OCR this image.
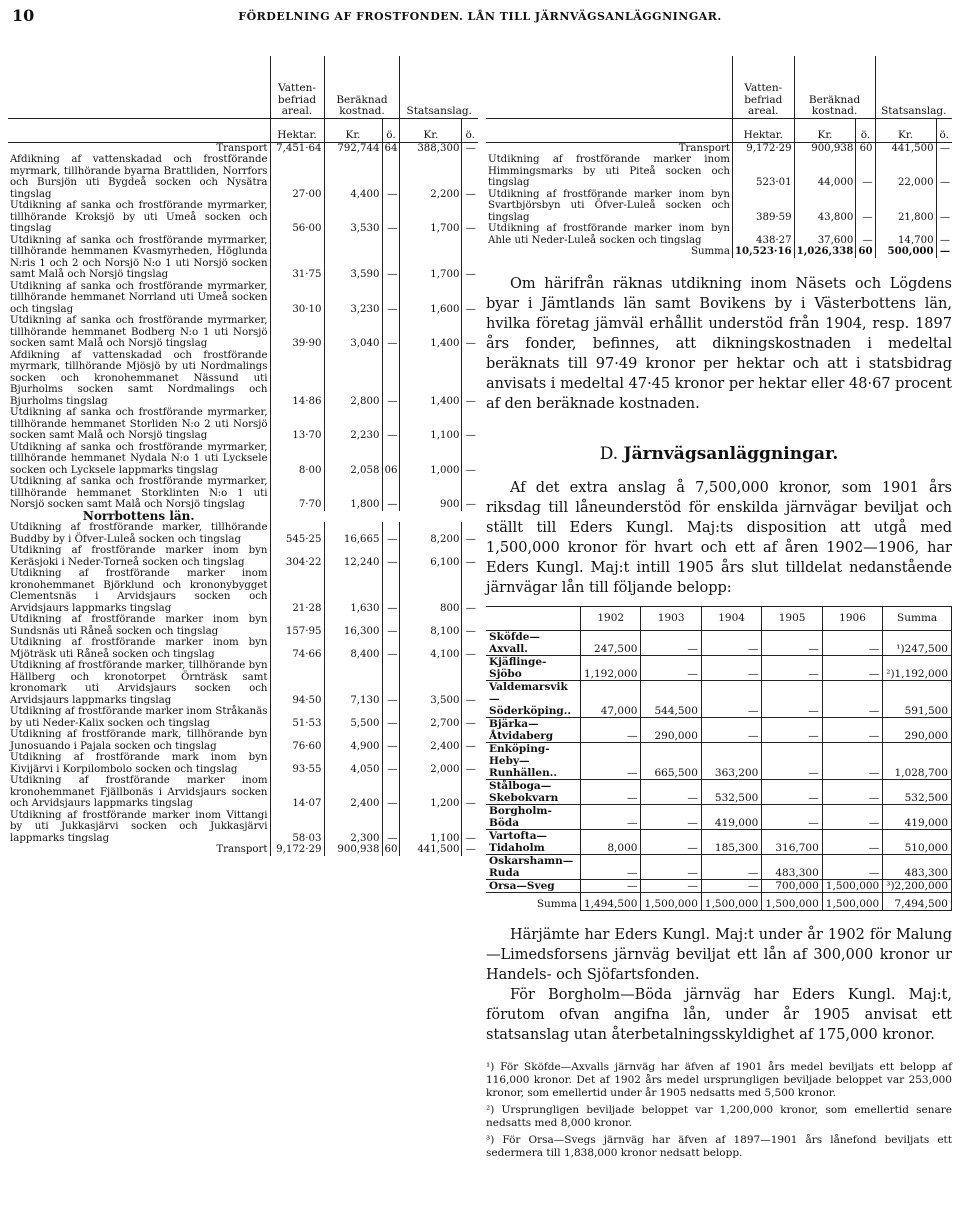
10	FÖRDELNING AF FROSTFONDEN. LÅN TILL JÄRNVÄGSANLÄGGNINGAR.
	Vatten-befriad areal.	Beräknad kostnad.		Statsanslag.	
	Hektar.	Kr.	ö.	Kr.	ö.
Transport	7,451·64	792,744	64	388,300	—
Afdikning af vattenskadad och frostförande myrmark, tillhörande byarna Brattliden, Norrfors och Bursjön uti Bygdeå socken och Nysätra tingslag	27·00	4,400	—	2,200	—
Utdikning af sanka och frostförande myrmarker, tillhörande Kroksjö by uti Umeå socken och tingslag	56·00	3,530	—	1,700	—
Utdikning af sanka och frostförande myrmarker, tillhörande hemmanen Kvasmyrheden, Höglunda N:ris 1 och 2 och Norsjö N:o 1 uti Norsjö socken samt Malå och Norsjö tingslag	31·75	3,590	—	1,700	—
Utdikning af sanka och frostförande myrmarker, tillhörande hemmanet Norrland uti Umeå socken och tingslag	30·10	3,230	—	1,600	—
Utdikning af sanka och frostförande myrmarker, tillhörande hemmanet Bodberg N:o 1 uti Norsjö socken samt Malå och Norsjö tingslag	39·90	3,040	—	1,400	—
Afdikning af vattenskadad och frostförande myrmark, tillhörande Mjösjö by uti Nordmalings socken och kronohemmanet Nässund uti Bjurholms socken samt Nordmalings och Bjurholms tingslag	14·86	2,800	—	1,400	—
Utdikning af sanka och frostförande myrmarker, tillhörande hemmanet Storliden N:o 2 uti Norsjö socken samt Malå och Norsjö tingslag	13·70	2,230	—	1,100	—
Utdikning af sanka och frostförande myrmarker, tillhörande hemmanet Nydala N:o 1 uti Lycksele socken och Lycksele lappmarks tingslag	8·00	2,058	06	1,000	—
Utdikning af sanka och frostförande myrmarker, tillhörande hemmanet Storklinten N:o 1 uti Norsjö socken samt Malå och Norsjö tingslag	7·70	1,800	—	900	—
Norrbottens län.					
Utdikning af frostförande marker, tillhörande Buddby by i Öfver-Luleå socken och tingslag	545·25	16,665	—	8,200	—
Utdikning af frostförande marker inom byn Keräsjoki i Neder-Torneå socken och tingslag	304·22	12,240	—	6,100	—
Utdikning af frostförande marker inom kronohemmanet Björklund och krononybygget Clementsnäs i Arvidsjaurs socken och Arvidsjaurs lappmarks tingslag	21·28	1,630	—	800	—
Utdikning af frostförande marker inom byn Sundsnäs uti Råneå socken och tingslag	157·95	16,300	—	8,100	—
Utdikning af frostförande marker inom byn Mjöträsk uti Råneå socken och tingslag	74·66	8,400	—	4,100	—
Utdikning af frostförande marker, tillhörande byn Hällberg och kronotorpet Örnträsk samt kronomark uti Arvidsjaurs socken och Arvidsjaurs lappmarks tingslag	94·50	7,130	—	3,500	—
Utdikning af frostförande marker inom Stråkanäs by uti Neder-Kalix socken och tingslag	51·53	5,500	—	2,700	—
Utdikning af frostförande mark, tillhörande byn Junosuando i Pajala socken och tingslag	76·60	4,900	—	2,400	—
Utdikning af frostförande mark inom byn Kivijärvi i Korpilombolo socken och tingslag	93·55	4,050	—	2,000	—
Utdikning af frostförande marker inom kronohemmanet Fjällbonäs i Arvidsjaurs socken och Arvidsjaurs lappmarks tingslag	14·07	2,400	—	1,200	—
Utdikning af frostförande marker inom Vittangi by uti Jukkasjärvi socken och Jukkasjärvi lappmarks tingslag	58·03	2,300	—	1,100	—
Transport	9,172·29	900,938	60	441,500	—
	Vatten-befriad areal.	Beräknad kostnad.		Statsanslag.	
	Hektar.	Kr.	ö.	Kr.	ö.
Transport	9,172·29	900,938	60	441,500	—
Utdikning af frostförande marker inom Himmingsmarks by uti Piteå socken och tingslag	523·01	44,000	—	22,000	—
Utdikning af frostförande marker inom byn Svartbjörsbyn uti Öfver-Luleå socken och tingslag	389·59	43,800	—	21,800	—
Utdikning af frostförande marker inom byn Ahle uti Neder-Luleå socken och tingslag	438·27	37,600	—	14,700	—
Summa	10,523·16	1,026,338	60	500,000	—

Om härifrån räknas utdikning inom Näsets och Lögdens byar i Jämtlands län samt Bovikens by i Västerbottens län, hvilka företag jämväl erhållit understöd från 1904, resp. 1897 års fonder, befinnes, att dikningskostnaden i medeltal beräknats till 97·49 kronor per hektar och att i statsbidrag anvisats i medeltal 47·45 kronor per hektar eller 48·67 procent af den beräknade kostnaden.

D. Järnvägsanläggningar.

Af det extra anslag å 7,500,000 kronor, som 1901 års riksdag till låneunderstöd för enskilda järnvägar beviljat och ställt till Eders Kungl. Maj:ts disposition att utgå med 1,500,000 kronor för hvart och ett af åren 1902—1906, har Eders Kungl. Maj:t intill 1905 års slut tilldelat nedanstående järnvägar lån till följande belopp:

	1902	1903	1904	1905	1906	Summa
Sköfde—Axvall.	247,500	—	—	—	—	¹)247,500
Kjäflinge-Sjöbo	1,192,000	—	—	—	—	²)1,192,000
Valdemarsvik—Söderköping..	47,000	544,500	—	—	—	591,500
Bjärka—Åtvidaberg	—	290,000	—	—	—	290,000
Enköping-Heby—Runhällen..	—	665,500	363,200	—	—	1,028,700
Stålboga—Skebokvarn	—	—	532,500	—	—	532,500
Borgholm-Böda	—	—	419,000	—	—	419,000
Vartofta—Tidaholm	8,000	—	185,300	316,700	—	510,000
Oskarshamn—Ruda	—	—	—	483,300	—	483,300
Orsa—Sveg	—	—	—	700,000	1,500,000	³)2,200,000
Summa	1,494,500	1,500,000	1,500,000	1,500,000	1,500,000	7,494,500

Härjämte har Eders Kungl. Maj:t under år 1902 för Malung—Limedsforsens järnväg beviljat ett lån af 300,000 kronor ur Handels- och Sjöfartsfonden.

För Borgholm—Böda järnväg har Eders Kungl. Maj:t, förutom ofvan angifna lån, under år 1905 anvisat ett statsanslag utan återbetalningsskyldighet af 175,000 kronor.

¹) För Sköfde—Axvalls järnväg har äfven af 1901 års medel beviljats ett belopp af 116,000 kronor. Det af 1902 års medel ursprungligen beviljade beloppet var 253,000 kronor, som emellertid under år 1905 nedsatts med 5,500 kronor.

²) Ursprungligen beviljade beloppet var 1,200,000 kronor, som emellertid senare nedsatts med 8,000 kronor.

³) För Orsa—Svegs järnväg har äfven af 1897—1901 års lånefond beviljats ett sedermera till 1,838,000 kronor nedsatt belopp.
